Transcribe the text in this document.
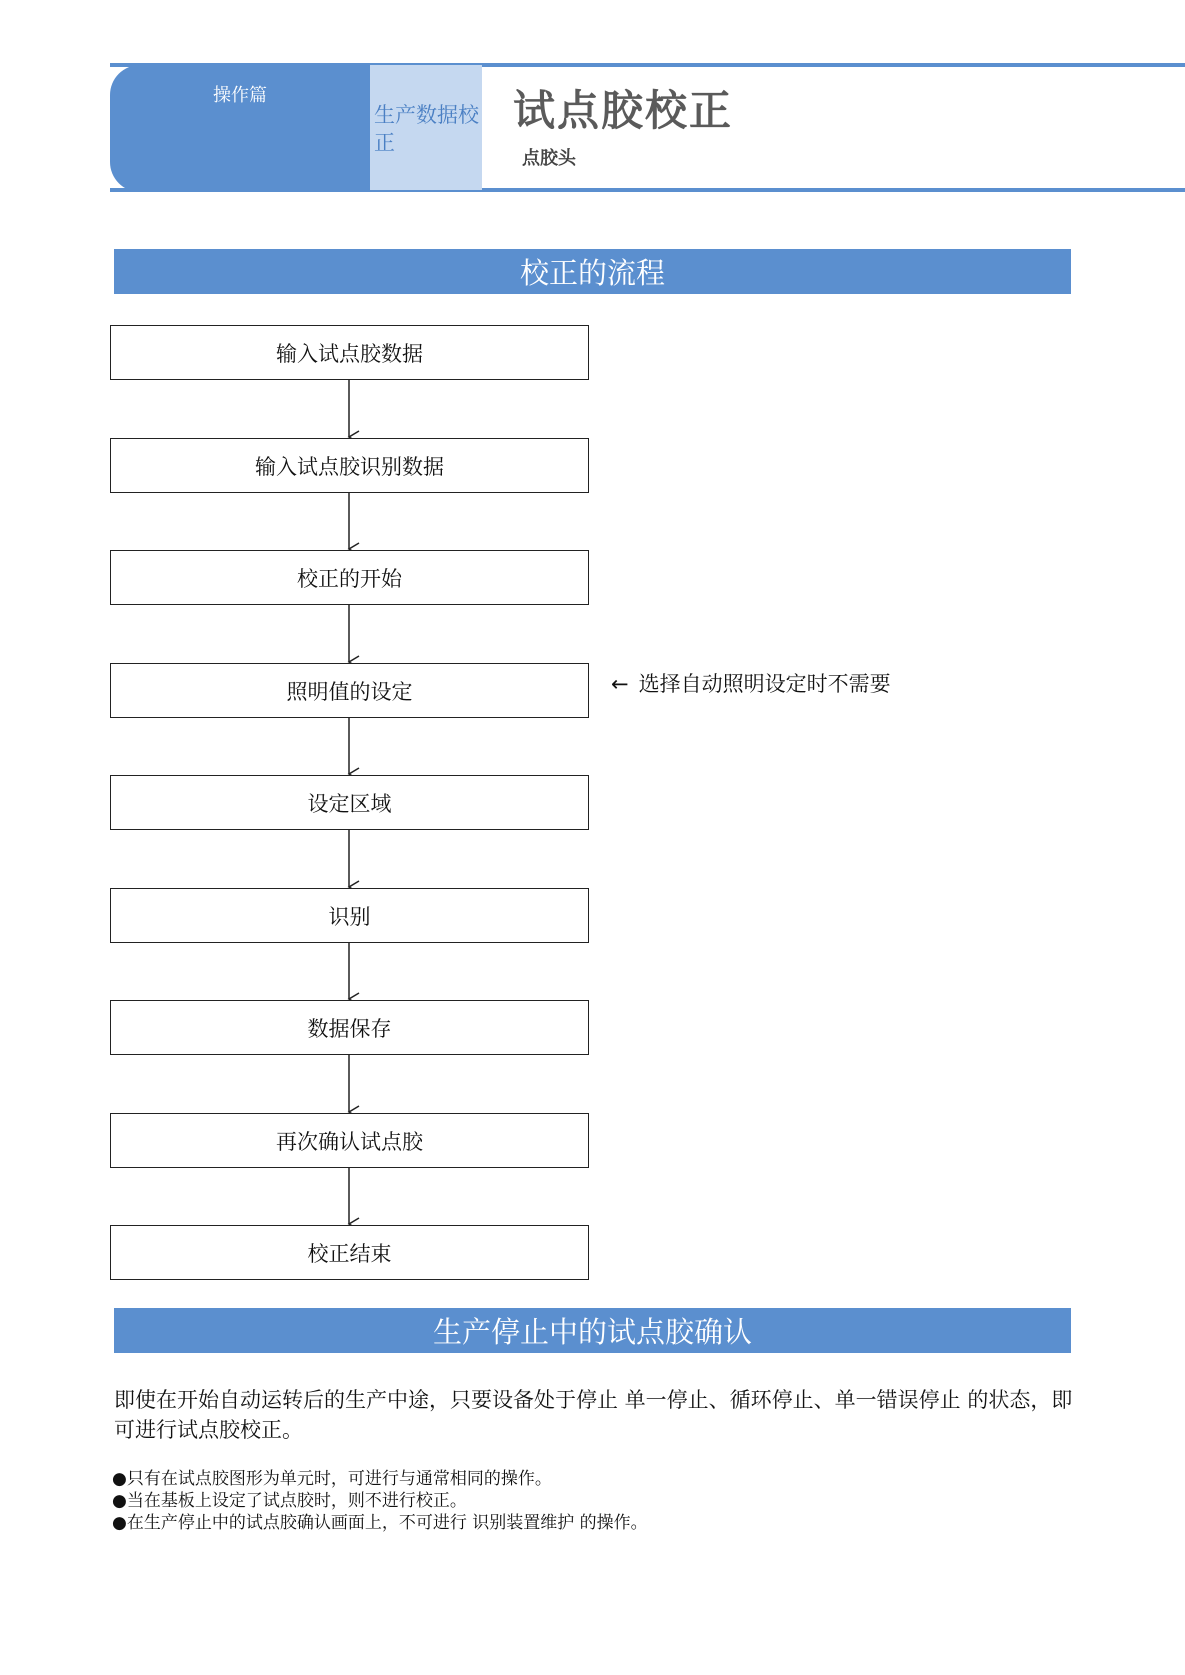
操作篇
生产数据校正
试点胶校正
点胶头
校正的流程
输入试点胶数据
输入试点胶识别数据
校正的开始
照明值的设定
设定区域
识别
数据保存
再次确认试点胶
校正结束
← 选择自动照明设定时不需要
生产停止中的试点胶确认
即使在开始自动运转后的生产中途，只要设备处于停止 单一停止、循环停止、单一错误停止 的状态，即可进行试点胶校正。
●只有在试点胶图形为单元时，可进行与通常相同的操作。
●当在基板上设定了试点胶时，则不进行校正。
●在生产停止中的试点胶确认画面上，不可进行 识别装置维护 的操作。
